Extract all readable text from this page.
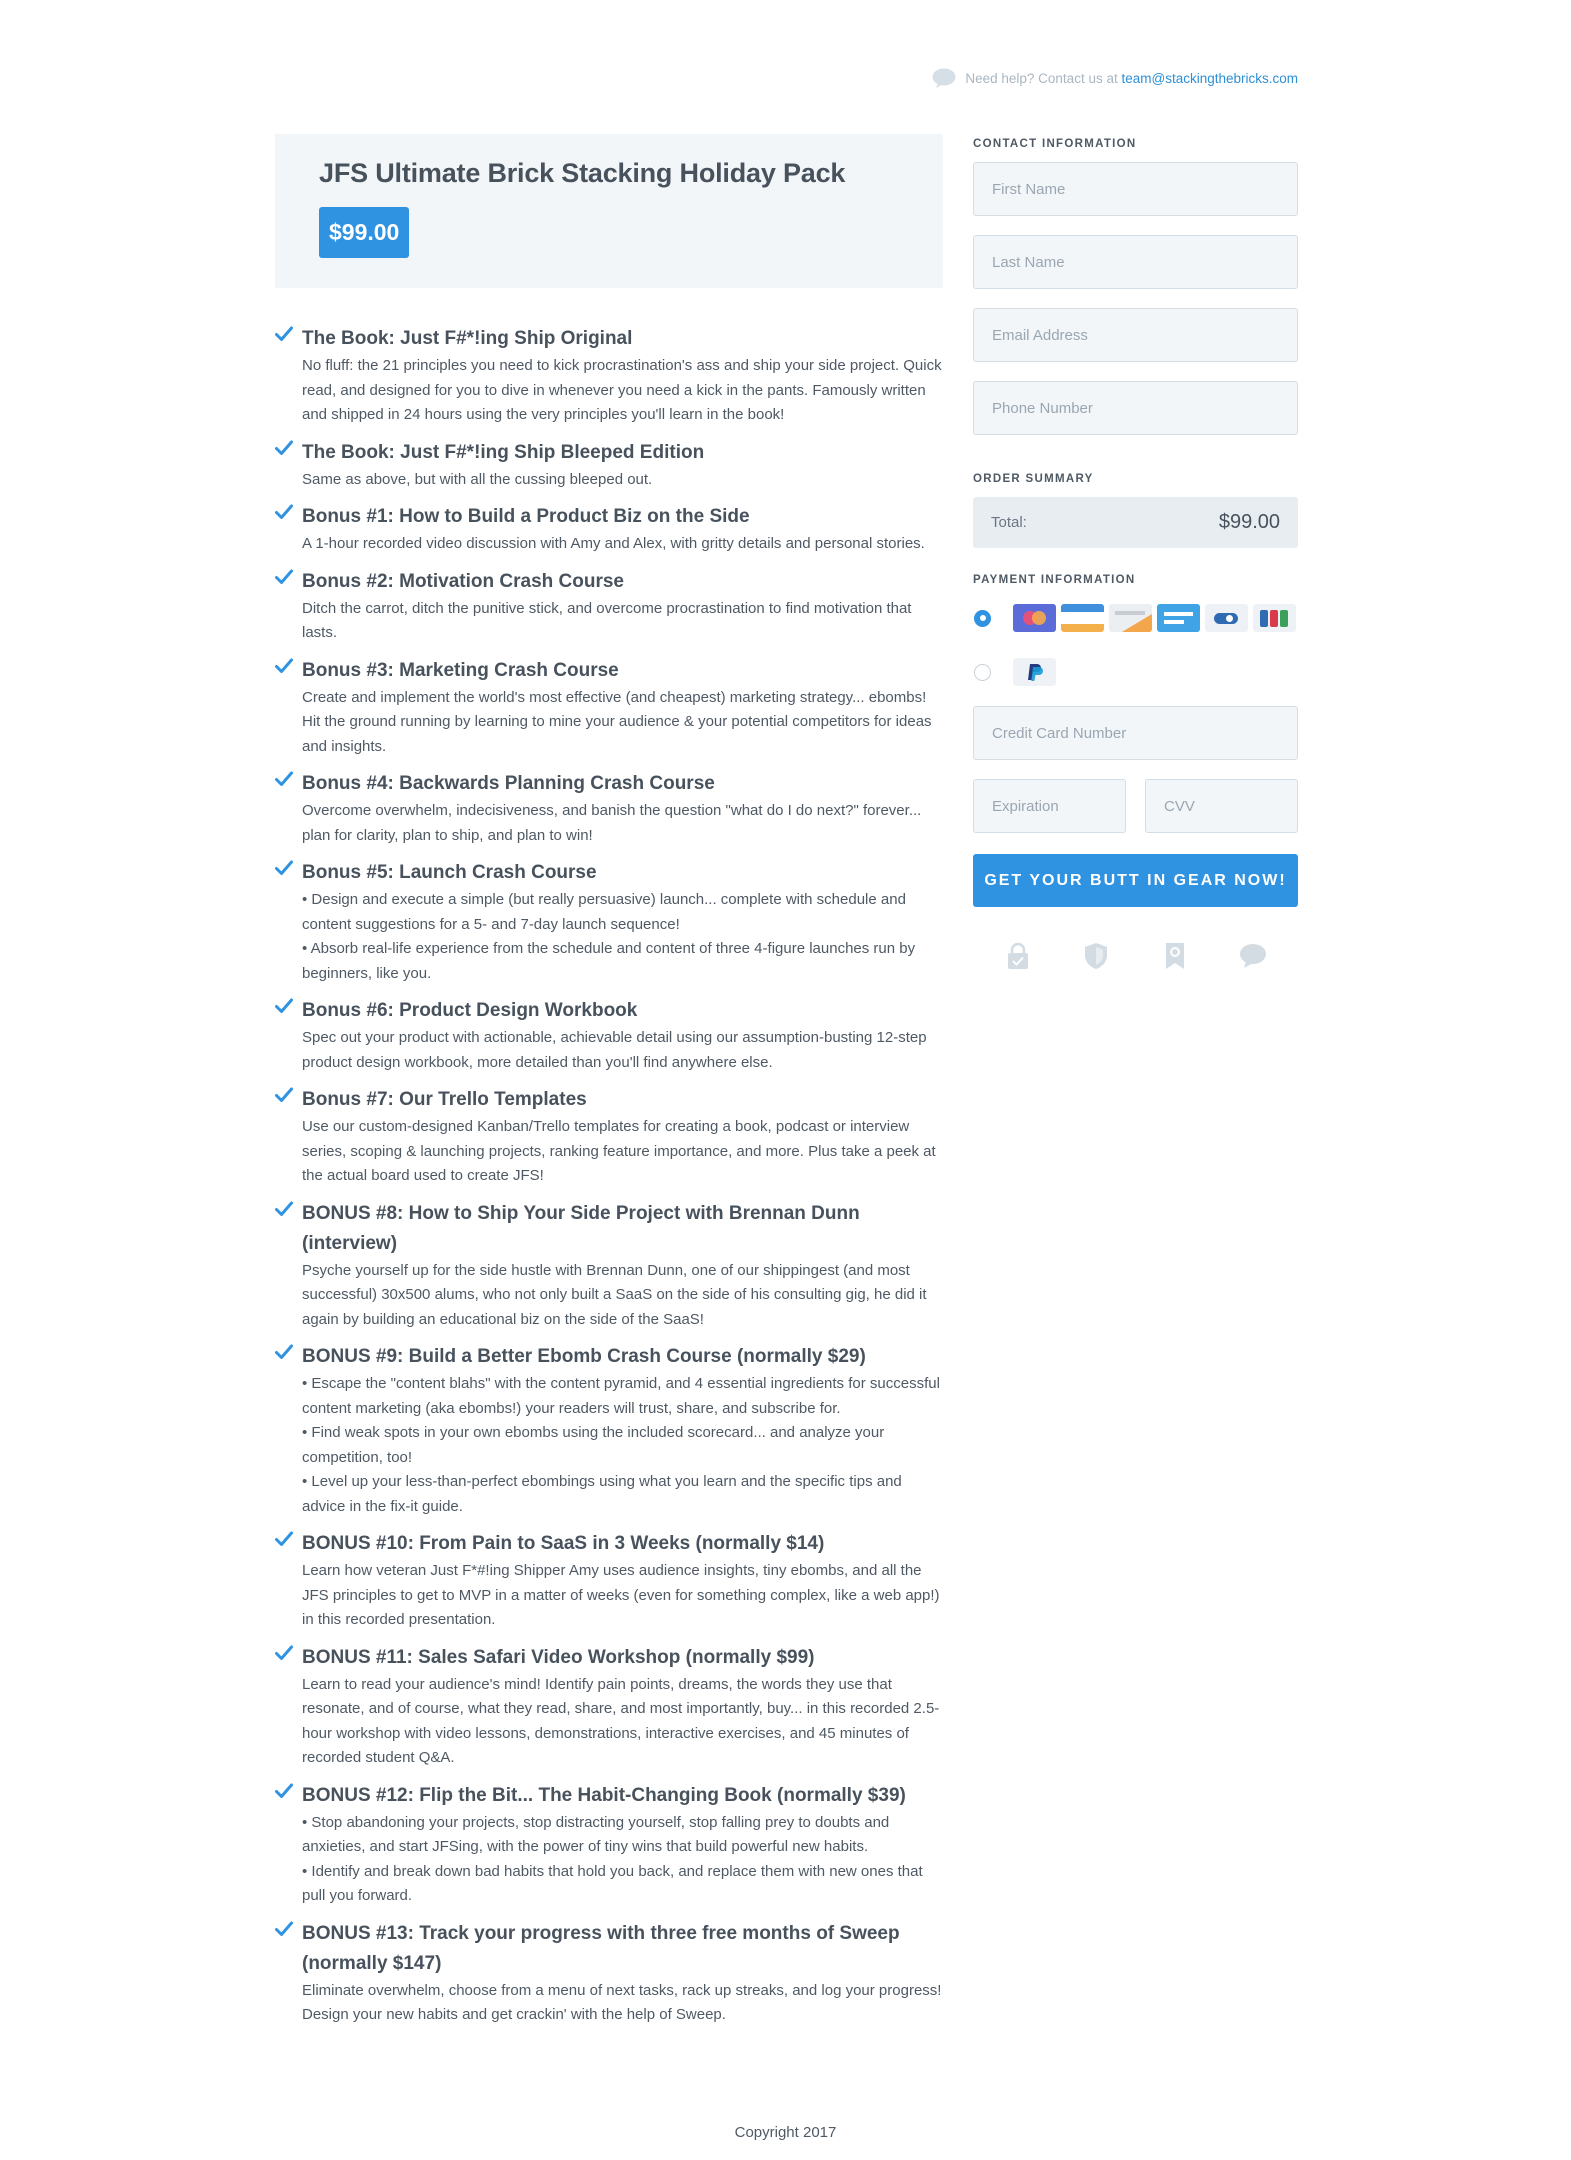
Need help? Contact us at
team@stackingthebricks.com
JFS Ultimate Brick Stacking Holiday Pack
$99.00
The Book: Just F#*!ing Ship Original

No fluff: the 21 principles you need to kick procrastination's ass and ship your side project. Quick read, and designed for you to dive in whenever you need a kick in the pants. Famously written and shipped in 24 hours using the very principles you'll learn in the book!

The Book: Just F#*!ing Ship Bleeped Edition

Same as above, but with all the cussing bleeped out.

Bonus #1: How to Build a Product Biz on the Side

A 1-hour recorded video discussion with Amy and Alex, with gritty details and personal stories.

Bonus #2: Motivation Crash Course

Ditch the carrot, ditch the punitive stick, and overcome procrastination to find motivation that lasts.

Bonus #3: Marketing Crash Course

Create and implement the world's most effective (and cheapest) marketing strategy... ebombs! Hit the ground running by learning to mine your audience & your potential competitors for ideas and insights.

Bonus #4: Backwards Planning Crash Course

Overcome overwhelm, indecisiveness, and banish the question "what do I do next?" forever... plan for clarity, plan to ship, and plan to win!

Bonus #5: Launch Crash Course

• Design and execute a simple (but really persuasive) launch... complete with schedule and content suggestions for a 5- and 7-day launch sequence!

• Absorb real-life experience from the schedule and content of three 4-figure launches run by beginners, like you.

Bonus #6: Product Design Workbook

Spec out your product with actionable, achievable detail using our assumption-busting 12-step product design workbook, more detailed than you'll find anywhere else.

Bonus #7: Our Trello Templates

Use our custom-designed Kanban/Trello templates for creating a book, podcast or interview series, scoping & launching projects, ranking feature importance, and more. Plus take a peek at the actual board used to create JFS!

BONUS #8: How to Ship Your Side Project with Brennan Dunn (interview)

Psyche yourself up for the side hustle with Brennan Dunn, one of our shippingest (and most successful) 30x500 alums, who not only built a SaaS on the side of his consulting gig, he did it again by building an educational biz on the side of the SaaS!

BONUS #9: Build a Better Ebomb Crash Course (normally $29)

• Escape the "content blahs" with the content pyramid, and 4 essential ingredients for successful content marketing (aka ebombs!) your readers will trust, share, and subscribe for.

• Find weak spots in your own ebombs using the included scorecard... and analyze your competition, too!

• Level up your less-than-perfect ebombings using what you learn and the specific tips and advice in the fix-it guide.

BONUS #10: From Pain to SaaS in 3 Weeks (normally $14)

Learn how veteran Just F*#!ing Shipper Amy uses audience insights, tiny ebombs, and all the JFS principles to get to MVP in a matter of weeks (even for something complex, like a web app!) in this recorded presentation.

BONUS #11: Sales Safari Video Workshop (normally $99)

Learn to read your audience's mind! Identify pain points, dreams, the words they use that resonate, and of course, what they read, share, and most importantly, buy... in this recorded 2.5-hour workshop with video lessons, demonstrations, interactive exercises, and 45 minutes of recorded student Q&A.

BONUS #12: Flip the Bit... The Habit-Changing Book (normally $39)

• Stop abandoning your projects, stop distracting yourself, stop falling prey to doubts and anxieties, and start JFSing, with the power of tiny wins that build powerful new habits.

• Identify and break down bad habits that hold you back, and replace them with new ones that pull you forward.

BONUS #13: Track your progress with three free months of Sweep (normally $147)

Eliminate overwhelm, choose from a menu of next tasks, rack up streaks, and log your progress! Design your new habits and get crackin' with the help of Sweep.

CONTACT INFORMATION
First Name
Last Name
Email Address
Phone Number
ORDER SUMMARY
Total:	$99.00
PAYMENT INFORMATION
Credit Card Number
Expiration	CVV
GET YOUR BUTT IN GEAR NOW!
Copyright 2017
